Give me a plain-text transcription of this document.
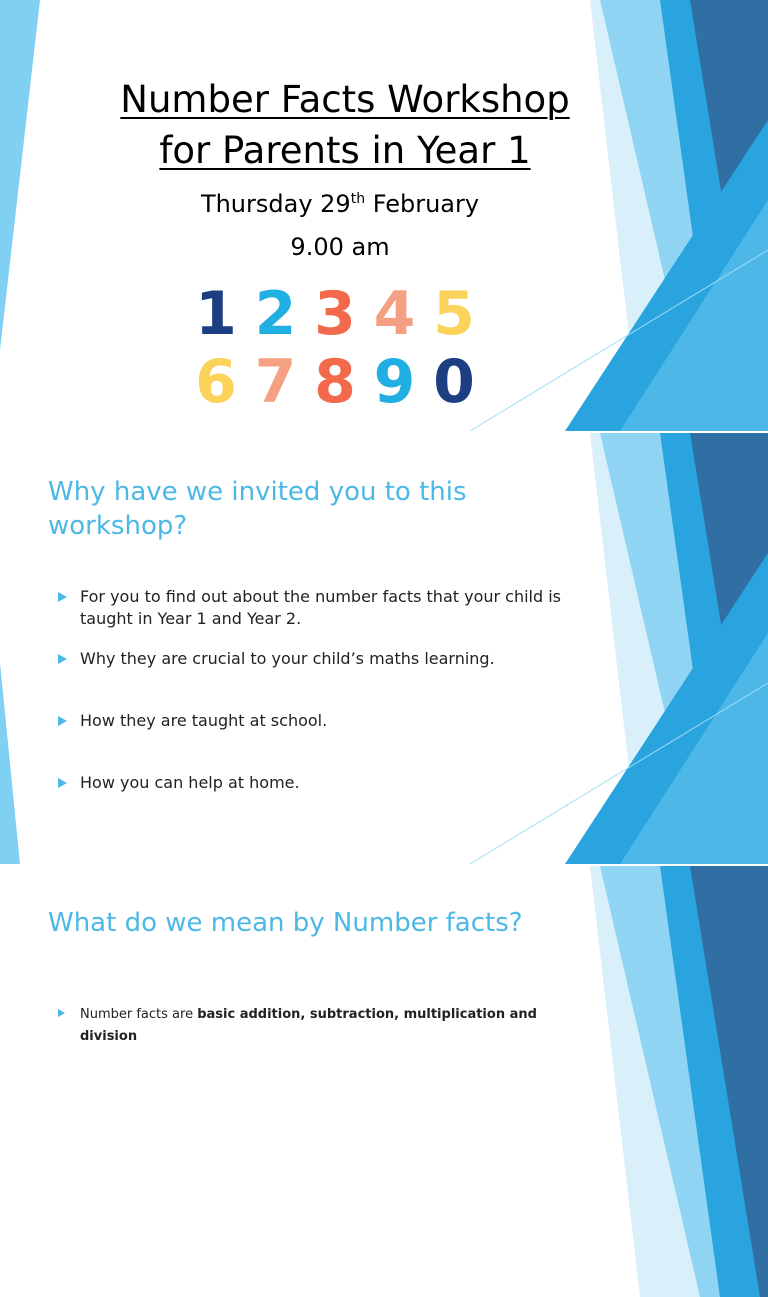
Number Facts Workshop
for Parents in Year 1
Thursday 29th February
9.00 am
1 2 3 4 5
6 7 8 9 0
Why have we invited you to this workshop?
For you to find out about the number facts that your child is taught in Year 1 and Year 2.
Why they are crucial to your child’s maths learning.
How they are taught at school.
How you can help at home.
What do we mean by Number facts?
Number facts are basic addition, subtraction, multiplication and division
